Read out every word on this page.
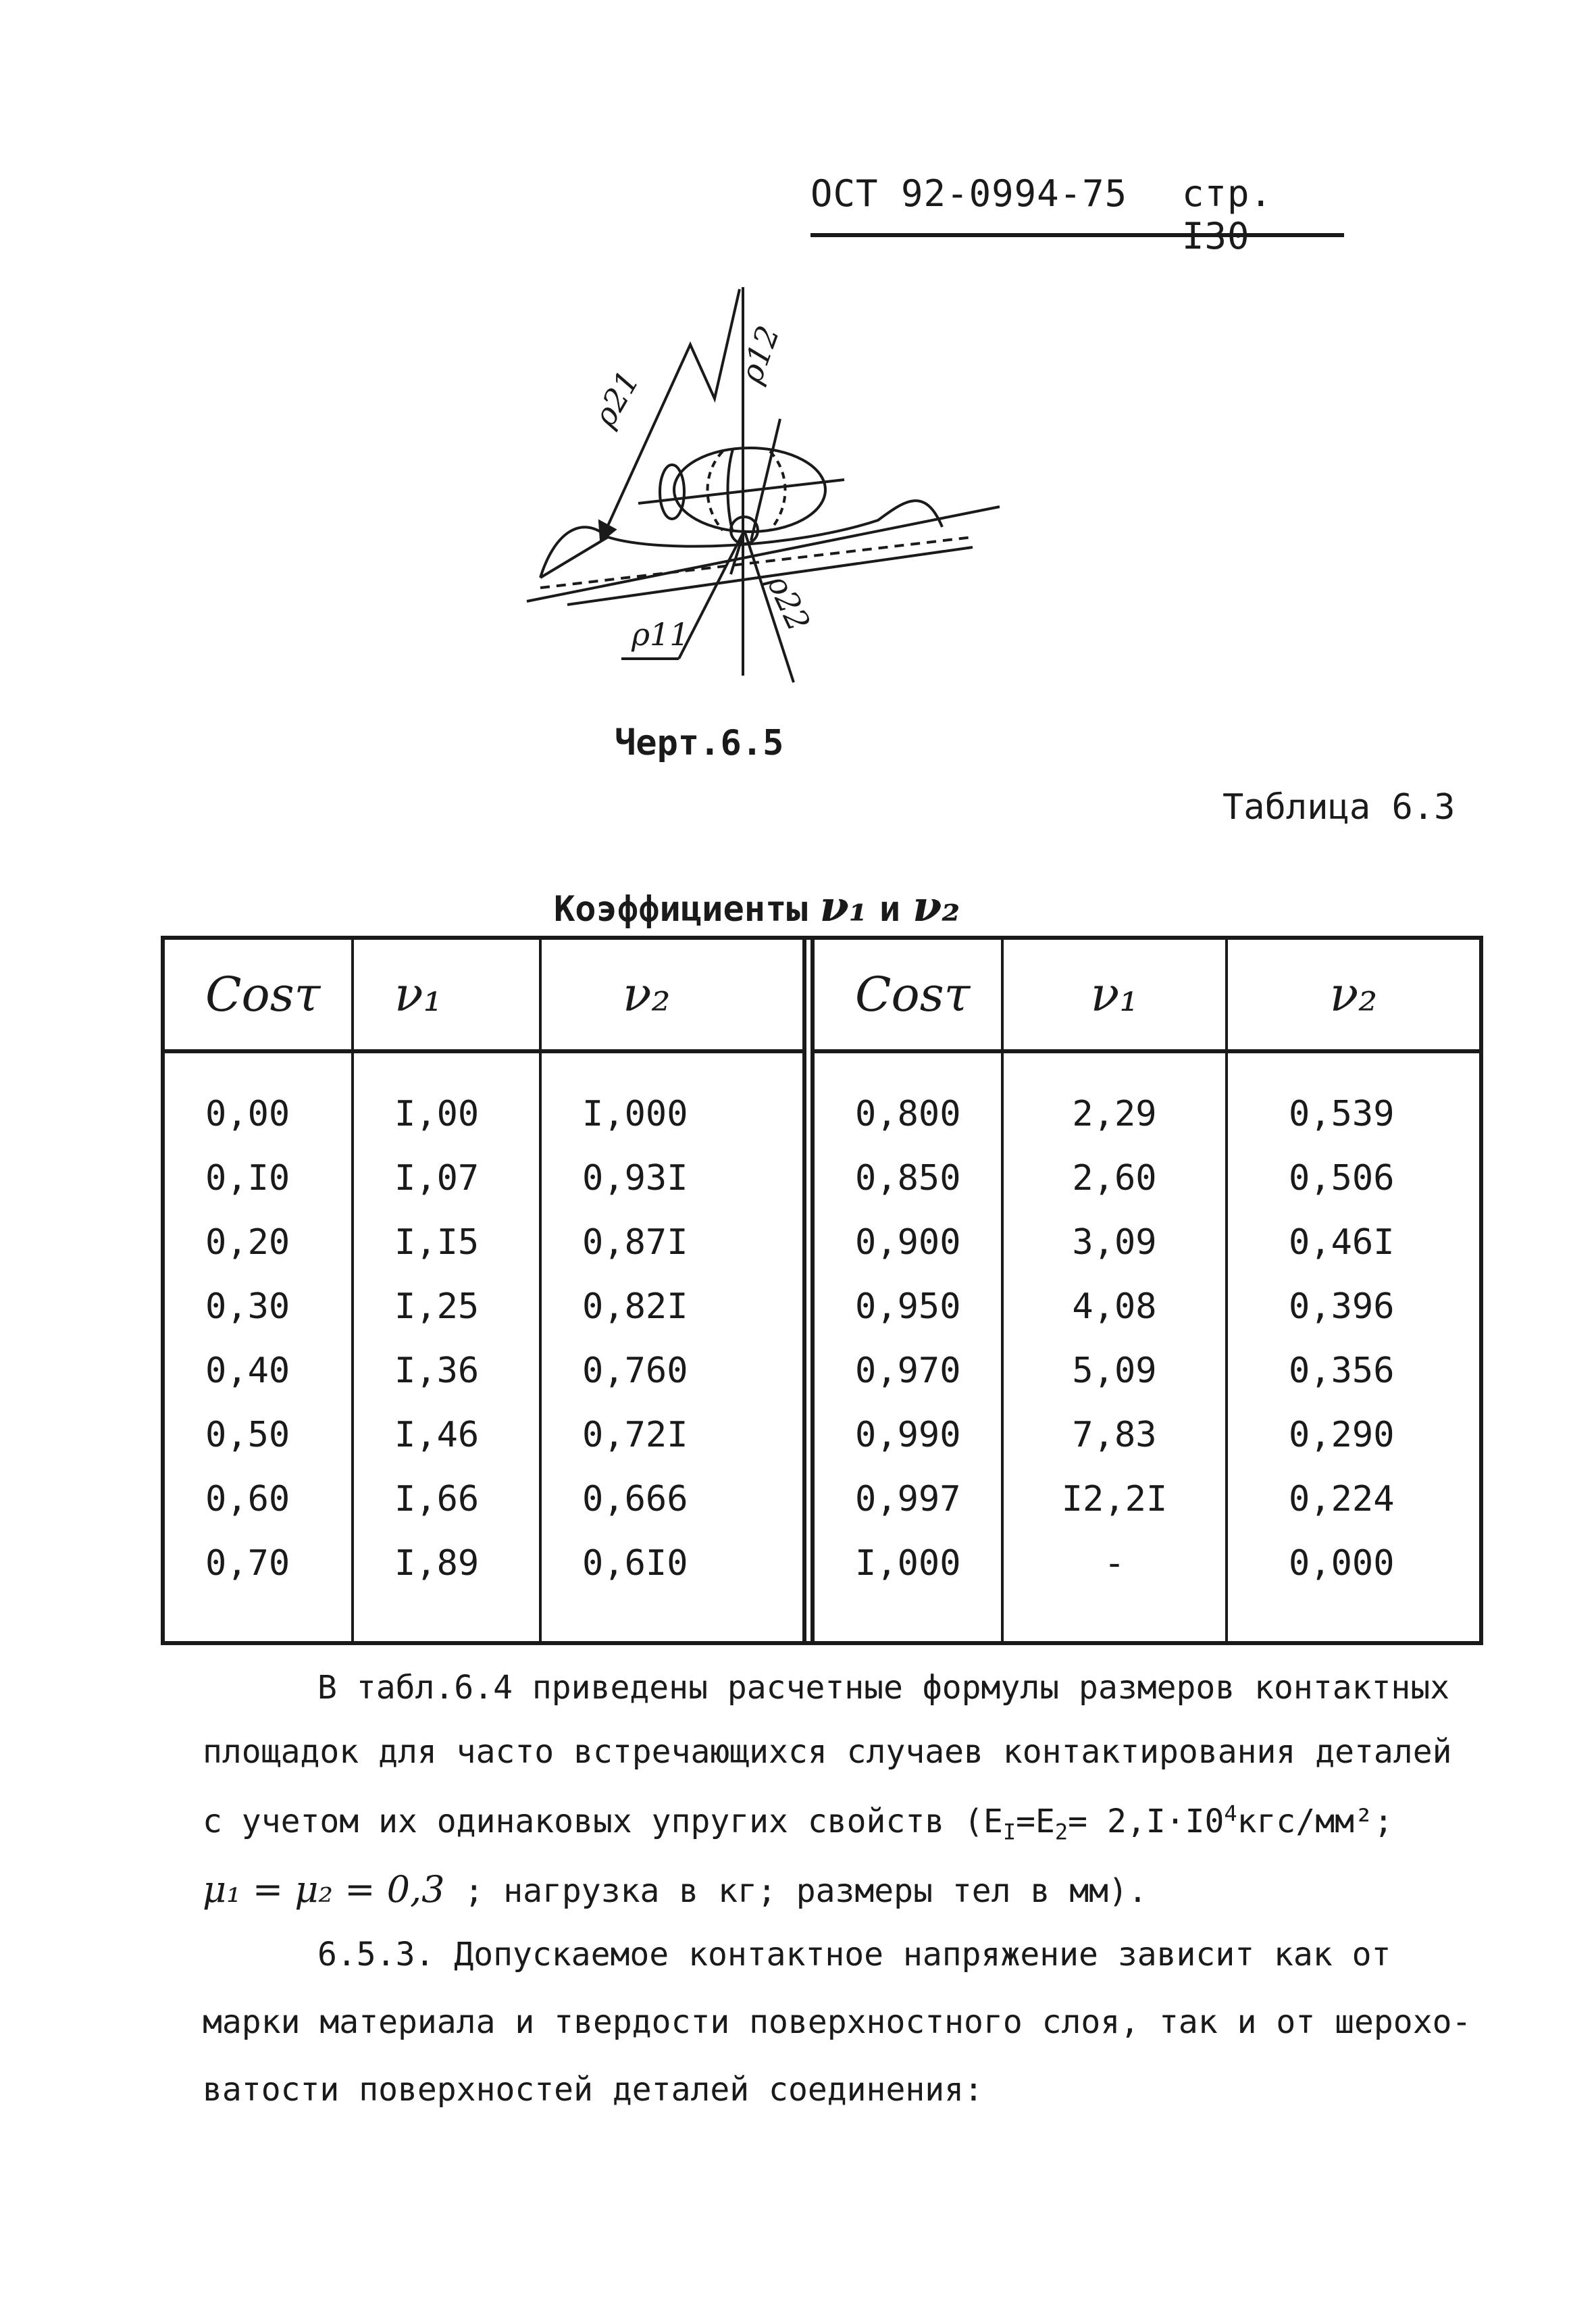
ОСТ 92-0994-75 стр. I30
ρ21
ρ12
ρ11 ρ22
Черт.6.5
Таблица 6.3
Коэффициенты ν₁ и ν₂
Cosτ
0,00
0,I0
0,20
0,30
0,40
0,50
0,60
0,70
ν₁
I,00
I,07
I,I5
I,25
I,36
I,46
I,66
I,89
ν₂
I,000
0,93I
0,87I
0,82I
0,760
0,72I
0,666
0,6I0
Cosτ
0,800
0,850
0,900
0,950
0,970
0,990
0,997
I,000
ν₁
2,29
2,60
3,09
4,08
5,09
7,83
I2,2I
-
ν₂
0,539
0,506
0,46I
0,396
0,356
0,290
0,224
0,000
В табл.6.4 приведены расчетные формулы размеров контактных
площадок для часто встречающихся случаев контактирования деталей
с учетом их одинаковых упругих свойств ($E_I=E_2= 2,I\cdot I0^4кгс/мм^2$;
μ₁ = μ₂ = 0,3 ; нагрузка в кг; размеры тел в мм).
6.5.3. Допускаемое контактное напряжение зависит как от
марки материала и твердости поверхностного слоя, так и от шерохо-
ватости поверхностей деталей соединения:
